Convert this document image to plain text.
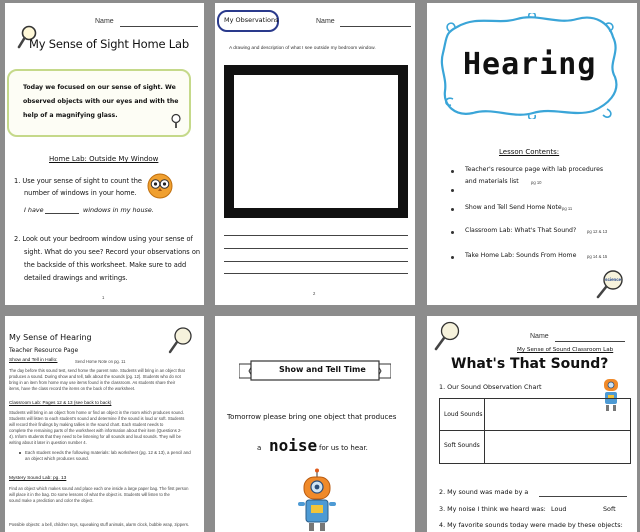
Name
My Sense of Sight Home Lab
Today we focused on our sense of sight. We
observed objects with our eyes and with the
help of a magnifying glass.
Home Lab: Outside My Window
1. Use your sense of sight to count the
number of windows in your home.
I have	windows in my house.
2. Look out your bedroom window using your sense of
sight. What do you see? Record your observations on
the backside of this worksheet. Make sure to add
detailed drawings and writings.
1
My Observations	Name
A drawing and description of what I see outside my bedroom window.
2
Hearing
Lesson Contents:
Teacher's resource page with lab procedures
and materials list	pg 10
Show and Tell Send Home Note pg 11
Classroom Lab: What's That Sound?	pg 12 & 13
Take Home Lab: Sounds From Home	pg 14 & 15
science
My Sense of Hearing
Teacher Resource Page
Show and Tell in Hallo:	Send Home Note on pg. 11
The day before this sound test, send home the parent note. Students will bring in an object that
produces a sound. During show and tell, talk about the sounds (pg. 12). Students who do not
bring in an item from home may use items found in the classroom. As students share their
items, have the class record the items on the back of the worksheet.
Classroom Lab: Pages 12 & 13 (see back to back)
Students will bring in an object from home or find an object in the room which produces sound.
Students will listen to each student's sound and determine if the sound is loud or soft. Students
will record their findings by making tallies in the sound chart. Each student needs to
complete the remaining parts of the worksheet with information about their item (Questions 2-
4). Inform students that they need to be listening for all sounds and loud sounds. They will be
writing about it later in question number 4.
Each student needs the following materials: lab worksheet (pg. 12 & 13), a pencil and
an object which produces sound.
Mystery Sound Lab: pg. 13
Find an object which makes sound and place each one inside a large paper bag. The first person
will place it in the bag. Do some lessons of what the object is. Students will listen to the
sound make a prediction and color the object.
Possible objects: a bell, children toys, squeaking stuff animals, alarm clock, bubble wrap, zippers.
Show and Tell Time
Tomorrow please bring one object that produces
a noise for us to hear.
Name
My Sense of Sound Classroom Lab
What's That Sound?
1. Our Sound Observation Chart
Loud Sounds
Soft Sounds
2. My sound was made by a
3. My noise I think we heard was: Loud	Soft
4. My favorite sounds today were made by these objects:
